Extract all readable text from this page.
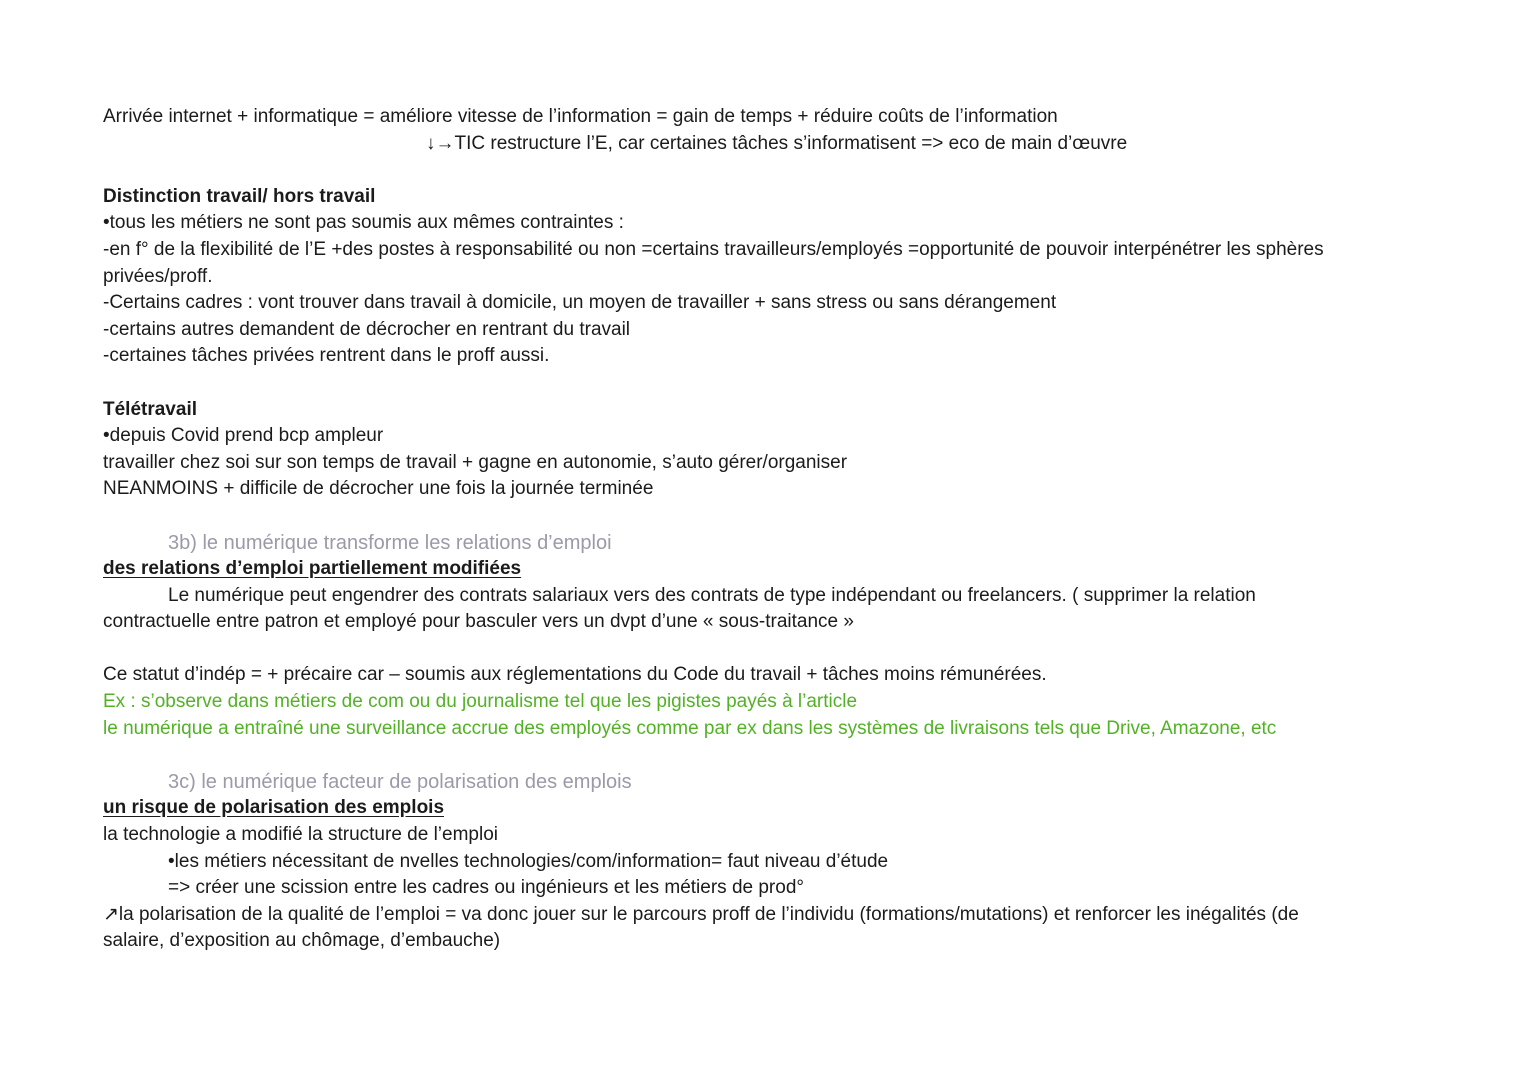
Arrivée internet + informatique = améliore vitesse de l’information = gain de temps + réduire coûts de l’information
↓→TIC restructure l’E, car certaines tâches s’informatisent => eco de main d’œuvre
Distinction travail/ hors travail
•tous les métiers ne sont pas soumis aux mêmes contraintes :
-en f° de la flexibilité de l’E +des postes à responsabilité ou non =certains travailleurs/employés =opportunité de pouvoir interpénétrer les sphères privées/proff.
-Certains cadres : vont trouver dans travail à domicile, un moyen de travailler + sans stress ou sans dérangement
-certains autres demandent de décrocher en rentrant du travail
-certaines tâches privées rentrent dans le proff aussi.
Télétravail
•depuis Covid prend bcp ampleur
travailler chez soi sur son temps de travail + gagne en autonomie, s’auto gérer/organiser
NEANMOINS + difficile de décrocher une fois la journée terminée
3b) le numérique transforme les relations d’emploi
des relations d’emploi partiellement modifiées
Le numérique peut engendrer des contrats salariaux vers des contrats de type indépendant ou freelancers. ( supprimer la relation
contractuelle entre patron et employé pour basculer vers un dvpt d’une « sous-traitance »
Ce statut d’indép = + précaire car – soumis aux réglementations du Code du travail + tâches moins rémunérées.
Ex : s’observe dans métiers de com ou du journalisme tel que les pigistes payés à l’article
le numérique a entraîné une surveillance accrue des employés comme par ex dans les systèmes de livraisons tels que Drive, Amazone, etc
3c) le numérique facteur de polarisation des emplois
un risque de polarisation des emplois
la technologie a modifié la structure de l’emploi
•les métiers nécessitant de nvelles technologies/com/information= faut niveau d’étude
=> créer une scission entre les cadres ou ingénieurs et les métiers de prod°
↗la polarisation de la qualité de l’emploi = va donc jouer sur le parcours proff de l’individu (formations/mutations) et renforcer les inégalités (de
salaire, d’exposition au chômage, d’embauche)
